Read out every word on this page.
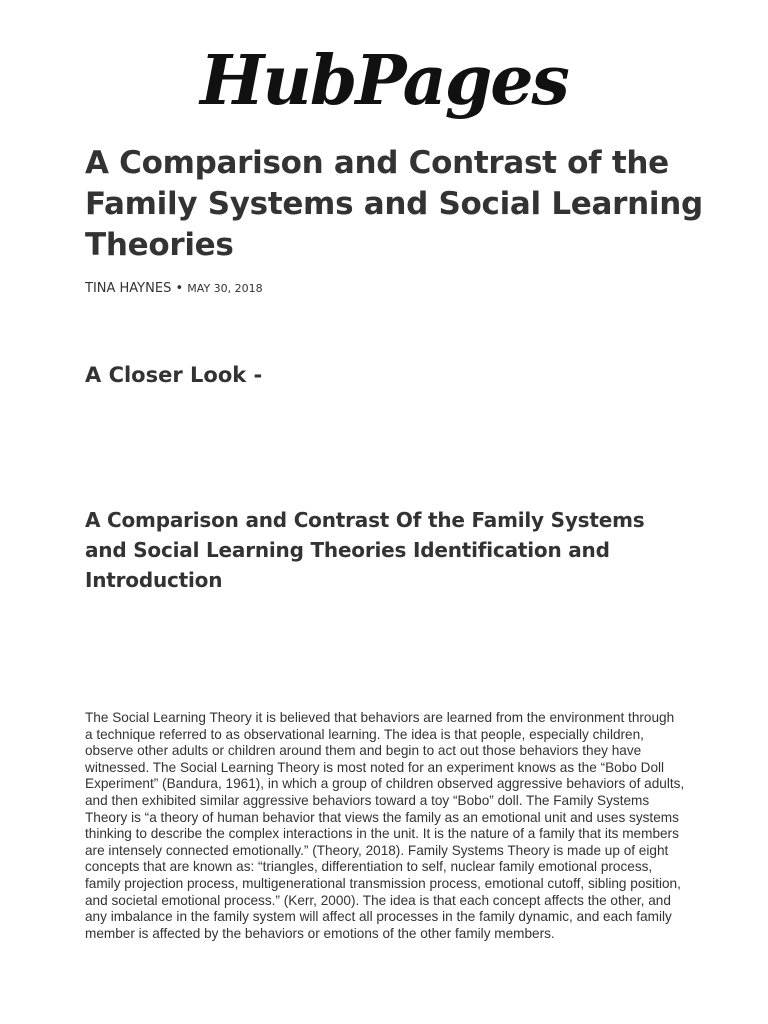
HubPages
A Comparison and Contrast of the Family Systems and Social Learning Theories
TINA HAYNES • MAY 30, 2018
A Closer Look -
A Comparison and Contrast Of the Family Systems and Social Learning Theories Identification and Introduction

The Social Learning Theory it is believed that behaviors are learned from the environment through a technique referred to as observational learning. The idea is that people, especially children, observe other adults or children around them and begin to act out those behaviors they have witnessed. The Social Learning Theory is most noted for an experiment knows as the “Bobo Doll Experiment” (Bandura, 1961), in which a group of children observed aggressive behaviors of adults, and then exhibited similar aggressive behaviors toward a toy “Bobo” doll. The Family Systems Theory is “a theory of human behavior that views the family as an emotional unit and uses systems thinking to describe the complex interactions in the unit. It is the nature of a family that its members are intensely connected emotionally.” (Theory, 2018). Family Systems Theory is made up of eight concepts that are known as: “triangles, differentiation to self, nuclear family emotional process, family projection process, multigenerational transmission process, emotional cutoff, sibling position, and societal emotional process.” (Kerr, 2000). The idea is that each concept affects the other, and any imbalance in the family system will affect all processes in the family dynamic, and each family member is affected by the behaviors or emotions of the other family members.
